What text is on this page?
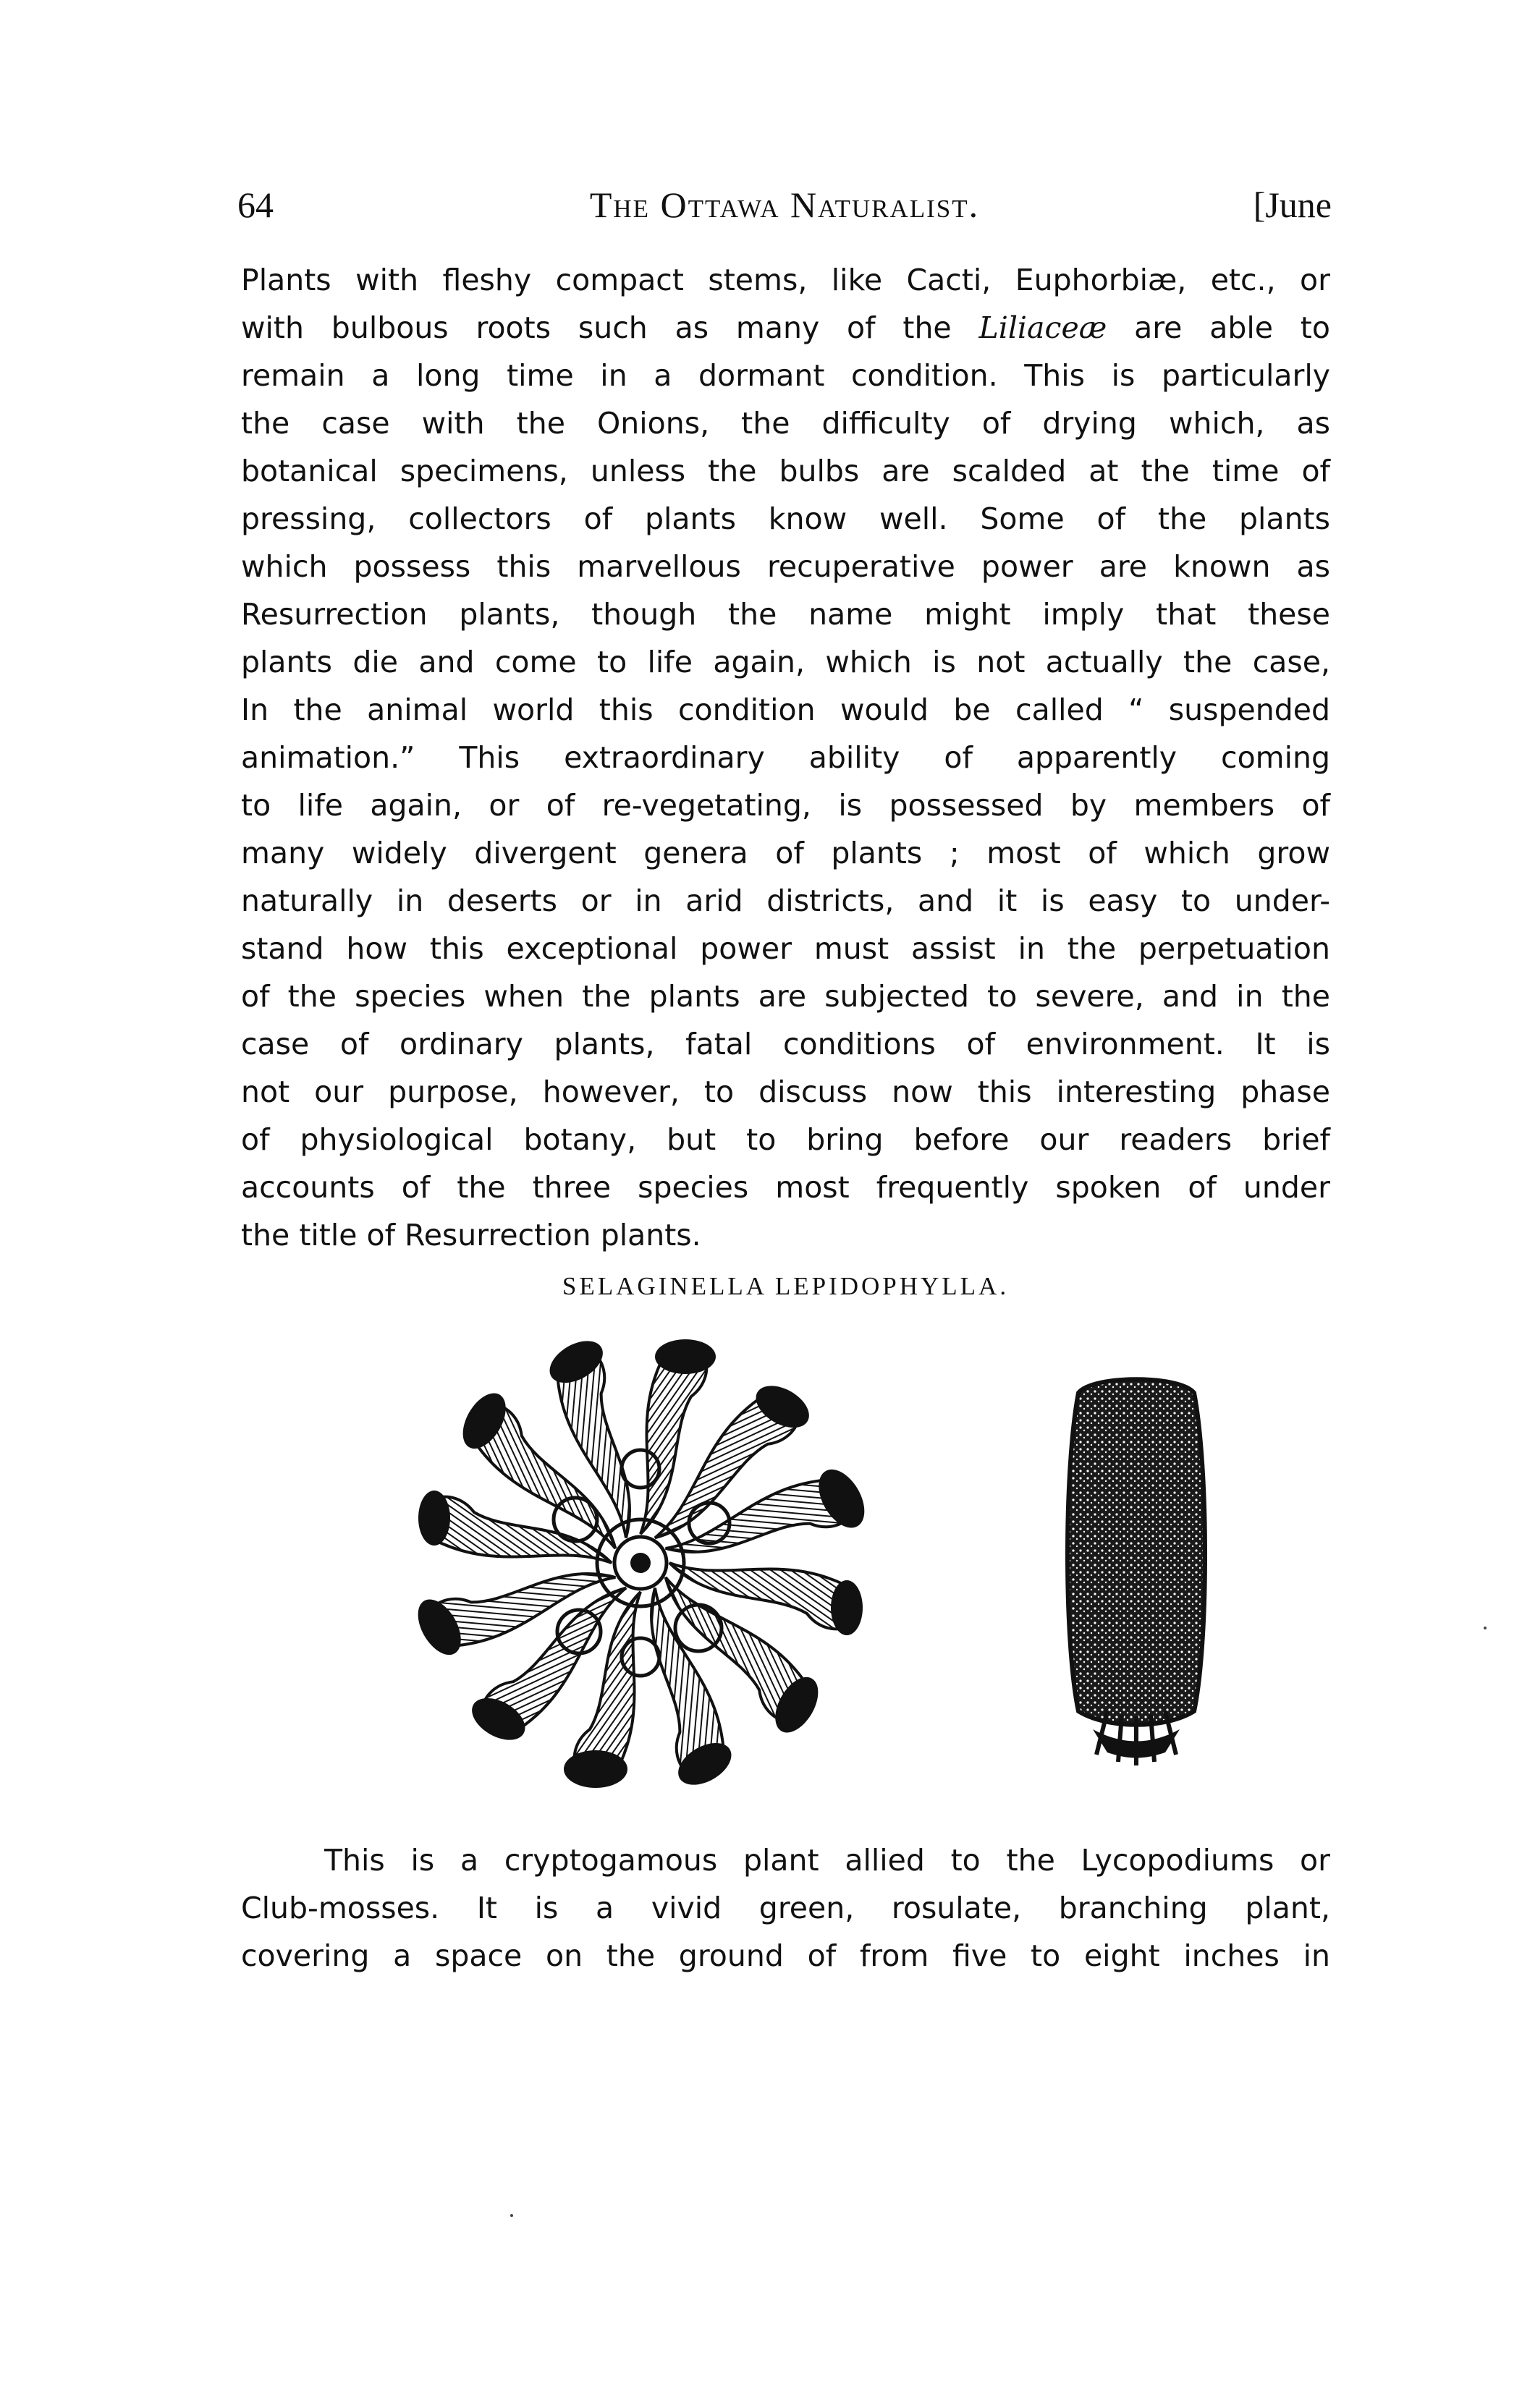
64	The Ottawa Naturalist.	[June
Plants with fleshy compact stems, like Cacti, Euphorbiæ, etc., or
with bulbous roots such as many of the Liliaceæ are able to
remain a long time in a dormant condition. This is particularly
the case with the Onions, the difficulty of drying which, as
botanical specimens, unless the bulbs are scalded at the time of
pressing, collectors of plants know well. Some of the plants
which possess this marvellous recuperative power are known as
Resurrection plants, though the name might imply that these
plants die and come to life again, which is not actually the case,
In the animal world this condition would be called “ suspended
animation.” This extraordinary ability of apparently coming
to life again, or of re-vegetating, is possessed by members of
many widely divergent genera of plants ; most of which grow
naturally in deserts or in arid districts, and it is easy to under-
stand how this exceptional power must assist in the perpetuation
of the species when the plants are subjected to severe, and in the
case of ordinary plants, fatal conditions of environment. It is
not our purpose, however, to discuss now this interesting phase
of physiological botany, but to bring before our readers brief
accounts of the three species most frequently spoken of under
the title of Resurrection plants.
SELAGINELLA LEPIDOPHYLLA.
This is a cryptogamous plant allied to the Lycopodiums or
Club-mosses. It is a vivid green, rosulate, branching plant,
covering a space on the ground of from five to eight inches in
